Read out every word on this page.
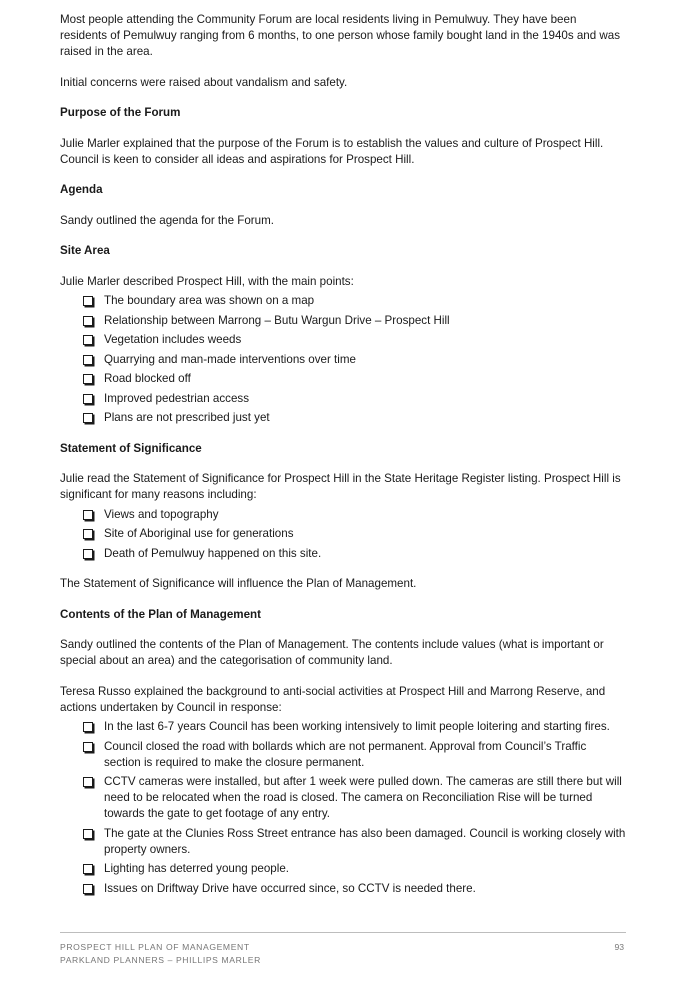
Most people attending the Community Forum are local residents living in Pemulwuy. They have been residents of Pemulwuy ranging from 6 months, to one person whose family bought land in the 1940s and was raised in the area.

Initial concerns were raised about vandalism and safety.

Purpose of the Forum

Julie Marler explained that the purpose of the Forum is to establish the values and culture of Prospect Hill. Council is keen to consider all ideas and aspirations for Prospect Hill.

Agenda

Sandy outlined the agenda for the Forum.

Site Area

Julie Marler described Prospect Hill, with the main points:

The boundary area was shown on a map
Relationship between Marrong – Butu Wargun Drive – Prospect Hill
Vegetation includes weeds
Quarrying and man-made interventions over time
Road blocked off
Improved pedestrian access
Plans are not prescribed just yet
Statement of Significance

Julie read the Statement of Significance for Prospect Hill in the State Heritage Register listing. Prospect Hill is significant for many reasons including:

Views and topography
Site of Aboriginal use for generations
Death of Pemulwuy happened on this site.

The Statement of Significance will influence the Plan of Management.

Contents of the Plan of Management

Sandy outlined the contents of the Plan of Management. The contents include values (what is important or special about an area) and the categorisation of community land.

Teresa Russo explained the background to anti-social activities at Prospect Hill and Marrong Reserve, and actions undertaken by Council in response:

In the last 6-7 years Council has been working intensively to limit people loitering and starting fires.
Council closed the road with bollards which are not permanent. Approval from Council’s Traffic section is required to make the closure permanent.
CCTV cameras were installed, but after 1 week were pulled down. The cameras are still there but will need to be relocated when the road is closed. The camera on Reconciliation Rise will be turned towards the gate to get footage of any entry.
The gate at the Clunies Ross Street entrance has also been damaged. Council is working closely with property owners.
Lighting has deterred young people.
Issues on Driftway Drive have occurred since, so CCTV is needed there.
PROSPECT HILL PLAN OF MANAGEMENT
PARKLAND PLANNERS – PHILLIPS MARLER
93
